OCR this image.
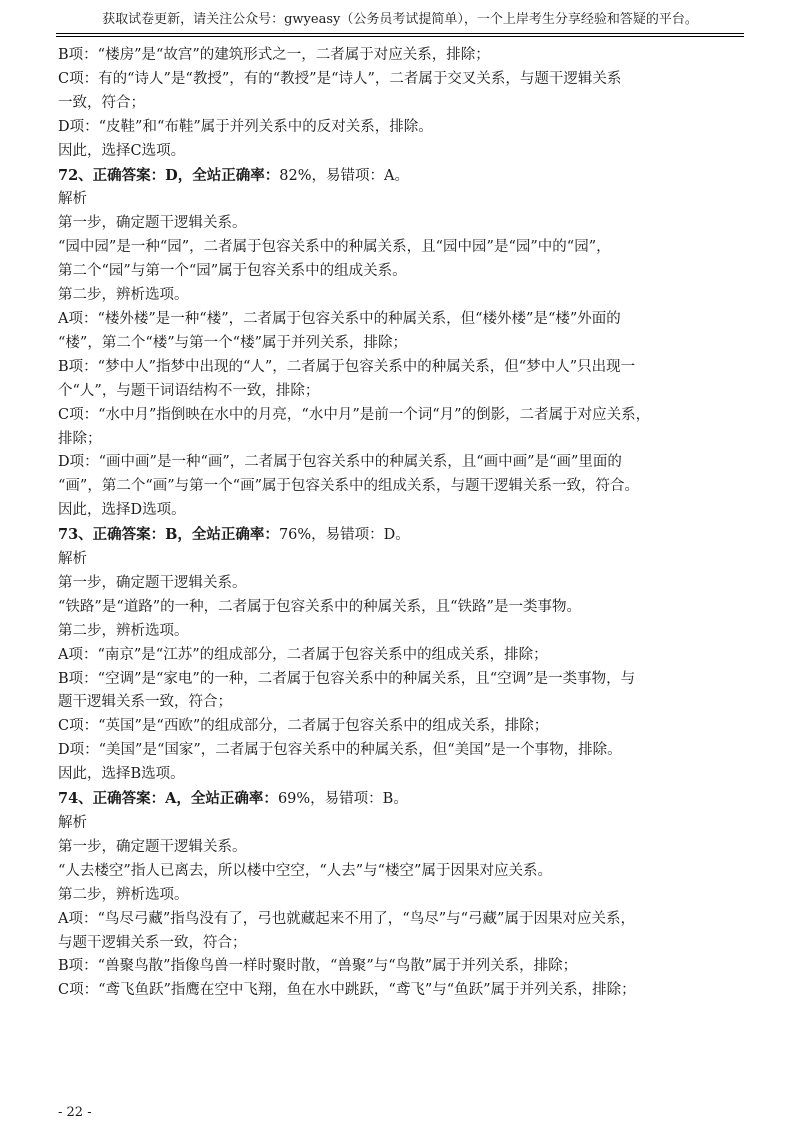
获取试卷更新，请关注公众号：gwyeasy（公务员考试提简单），一个上岸考生分享经验和答疑的平台。
B项：“楼房”是“故宫”的建筑形式之一，二者属于对应关系，排除；
C项：有的“诗人”是“教授”，有的“教授”是“诗人”，二者属于交叉关系，与题干逻辑关系
一致，符合；
D项：“皮鞋”和“布鞋”属于并列关系中的反对关系，排除。
因此，选择C选项。
72、正确答案：D，全站正确率：82%，易错项：A。
解析
第一步，确定题干逻辑关系。
“园中园”是一种“园”，二者属于包容关系中的种属关系，且“园中园”是“园”中的“园”，
第二个“园”与第一个“园”属于包容关系中的组成关系。
第二步，辨析选项。
A项：“楼外楼”是一种“楼”，二者属于包容关系中的种属关系，但“楼外楼”是“楼”外面的
“楼”，第二个“楼”与第一个“楼”属于并列关系，排除；
B项：“梦中人”指梦中出现的“人”，二者属于包容关系中的种属关系，但“梦中人”只出现一
个“人”，与题干词语结构不一致，排除；
C项：“水中月”指倒映在水中的月亮，“水中月”是前一个词“月”的倒影，二者属于对应关系，
排除；
D项：“画中画”是一种“画”，二者属于包容关系中的种属关系，且“画中画”是“画”里面的
“画”，第二个“画”与第一个“画”属于包容关系中的组成关系，与题干逻辑关系一致，符合。
因此，选择D选项。
73、正确答案：B，全站正确率：76%，易错项：D。
解析
第一步，确定题干逻辑关系。
“铁路”是“道路”的一种，二者属于包容关系中的种属关系，且“铁路”是一类事物。
第二步，辨析选项。
A项：“南京”是“江苏”的组成部分，二者属于包容关系中的组成关系，排除；
B项：“空调”是“家电”的一种，二者属于包容关系中的种属关系，且“空调”是一类事物，与
题干逻辑关系一致，符合；
C项：“英国”是“西欧”的组成部分，二者属于包容关系中的组成关系，排除；
D项：“美国”是“国家”，二者属于包容关系中的种属关系，但“美国”是一个事物，排除。
因此，选择B选项。
74、正确答案：A，全站正确率：69%，易错项：B。
解析
第一步，确定题干逻辑关系。
“人去楼空”指人已离去，所以楼中空空，“人去”与“楼空”属于因果对应关系。
第二步，辨析选项。
A项：“鸟尽弓藏”指鸟没有了，弓也就藏起来不用了，“鸟尽”与“弓藏”属于因果对应关系，
与题干逻辑关系一致，符合；
B项：“兽聚鸟散”指像鸟兽一样时聚时散，“兽聚”与“鸟散”属于并列关系，排除；
C项：“鸢飞鱼跃”指鹰在空中飞翔，鱼在水中跳跃，“鸢飞”与“鱼跃”属于并列关系，排除；
- 22 -
